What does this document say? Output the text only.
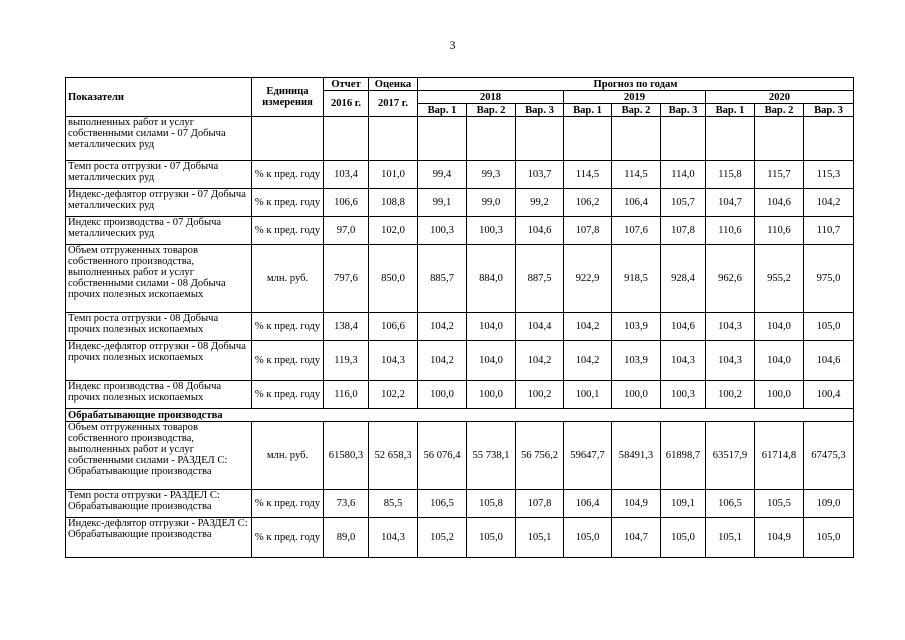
3
Показатели	Единица измерения	Отчет	Оценка	Прогноз по годам								
		2016 г.	2017 г.	2018			2019			2020		
				Вар. 1	Вар. 2	Вар. 3	Вар. 1	Вар. 2	Вар. 3	Вар. 1	Вар. 2	Вар. 3
выполненных работ и услуг собственными силами - 07 Добыча металлических руд												
Темп роста отгрузки - 07 Добыча металлических руд	% к пред. году	103,4	101,0	99,4	99,3	103,7	114,5	114,5	114,0	115,8	115,7	115,3
Индекс-дефлятор отгрузки - 07 Добыча металлических руд	% к пред. году	106,6	108,8	99,1	99,0	99,2	106,2	106,4	105,7	104,7	104,6	104,2
Индекс производства - 07 Добыча металлических руд	% к пред. году	97,0	102,0	100,3	100,3	104,6	107,8	107,6	107,8	110,6	110,6	110,7
Объем отгруженных товаров собственного производства, выполненных работ и услуг собственными силами - 08 Добыча прочих полезных ископаемых	млн. руб.	797,6	850,0	885,7	884,0	887,5	922,9	918,5	928,4	962,6	955,2	975,0
Темп роста отгрузки - 08 Добыча прочих полезных ископаемых	% к пред. году	138,4	106,6	104,2	104,0	104,4	104,2	103,9	104,6	104,3	104,0	105,0
Индекс-дефлятор отгрузки - 08 Добыча прочих полезных ископаемых	% к пред. году	119,3	104,3	104,2	104,0	104,2	104,2	103,9	104,3	104,3	104,0	104,6
Индекс производства - 08 Добыча прочих полезных ископаемых	% к пред. году	116,0	102,2	100,0	100,0	100,2	100,1	100,0	100,3	100,2	100,0	100,4
Обрабатывающие производства												
Объем отгруженных товаров собственного производства, выполненных работ и услуг собственными силами - РАЗДЕЛ С: Обрабатывающие производства	млн. руб.	61580,3	52 658,3	56 076,4	55 738,1	56 756,2	59647,7	58491,3	61898,7	63517,9	61714,8	67475,3
Темп роста отгрузки - РАЗДЕЛ С: Обрабатывающие производства	% к пред. году	73,6	85,5	106,5	105,8	107,8	106,4	104,9	109,1	106,5	105,5	109,0
Индекс-дефлятор отгрузки - РАЗДЕЛ С: Обрабатывающие производства	% к пред. году	89,0	104,3	105,2	105,0	105,1	105,0	104,7	105,0	105,1	104,9	105,0
